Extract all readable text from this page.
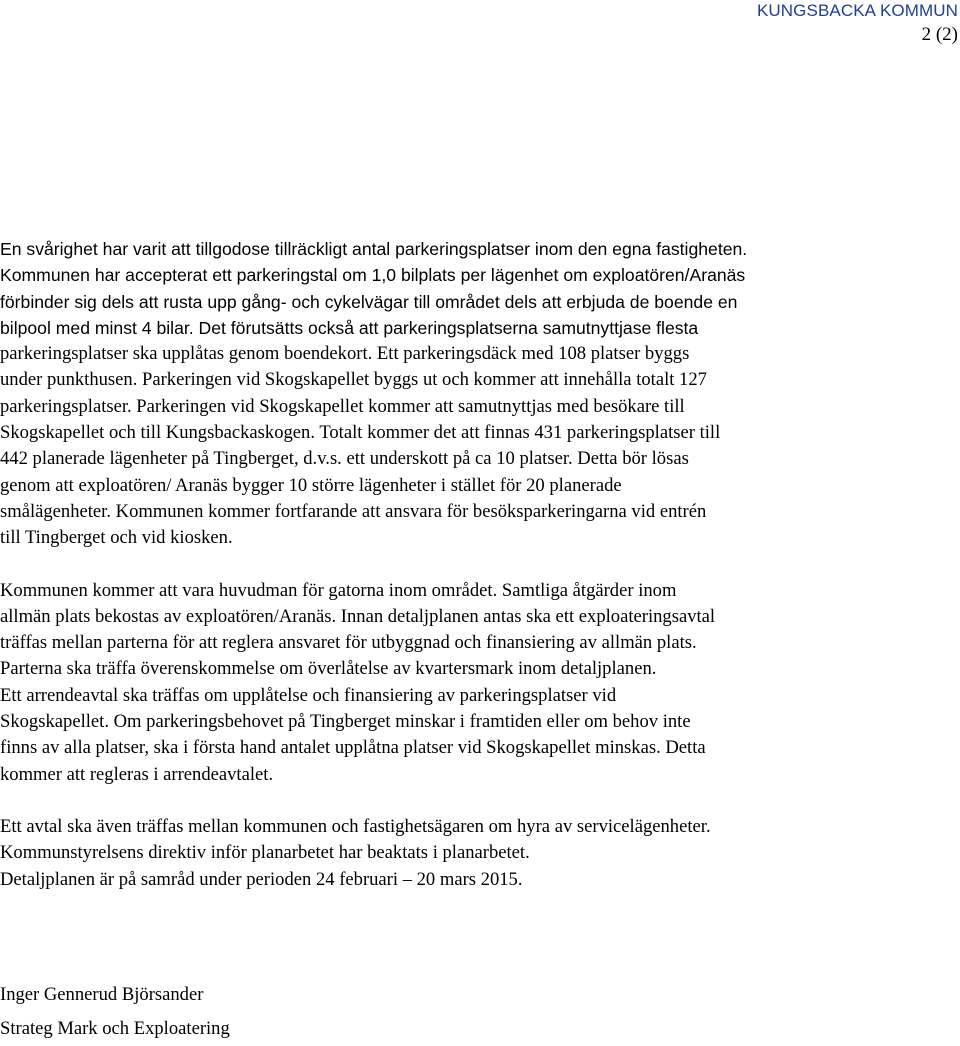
KUNGSBACKA KOMMUN
2 (2)

En svårighet har varit att tillgodose tillräckligt antal parkeringsplatser inom den egna fastigheten.
Kommunen har accepterat ett parkeringstal om 1,0 bilplats per lägenhet om exploatören/Aranäs
förbinder sig dels att rusta upp gång- och cykelvägar till området dels att erbjuda de boende en
bilpool med minst 4 bilar. Det förutsätts också att parkeringsplatserna samutnyttjase flesta
parkeringsplatser ska upplåtas genom boendekort. Ett parkeringsdäck med 108 platser byggs
under punkthusen. Parkeringen vid Skogskapellet byggs ut och kommer att innehålla totalt 127
parkeringsplatser. Parkeringen vid Skogskapellet kommer att samutnyttjas med besökare till
Skogskapellet och till Kungsbackaskogen. Totalt kommer det att finnas 431 parkeringsplatser till
442 planerade lägenheter på Tingberget, d.v.s. ett underskott på ca 10 platser. Detta bör lösas
genom att exploatören/ Aranäs bygger 10 större lägenheter i stället för 20 planerade
smålägenheter. Kommunen kommer fortfarande att ansvara för besöksparkeringarna vid entrén
till Tingberget och vid kiosken.

Kommunen kommer att vara huvudman för gatorna inom området. Samtliga åtgärder inom
allmän plats bekostas av exploatören/Aranäs. Innan detaljplanen antas ska ett exploateringsavtal
träffas mellan parterna för att reglera ansvaret för utbyggnad och finansiering av allmän plats.
Parterna ska träffa överenskommelse om överlåtelse av kvartersmark inom detaljplanen.
Ett arrendeavtal ska träffas om upplåtelse och finansiering av parkeringsplatser vid
Skogskapellet. Om parkeringsbehovet på Tingberget minskar i framtiden eller om behov inte
finns av alla platser, ska i första hand antalet upplåtna platser vid Skogskapellet minskas. Detta
kommer att regleras i arrendeavtalet.

Ett avtal ska även träffas mellan kommunen och fastighetsägaren om hyra av servicelägenheter.
Kommunstyrelsens direktiv inför planarbetet har beaktats i planarbetet.
Detaljplanen är på samråd under perioden 24 februari – 20 mars 2015.

Inger Gennerud Björsander
Strateg Mark och Exploatering
